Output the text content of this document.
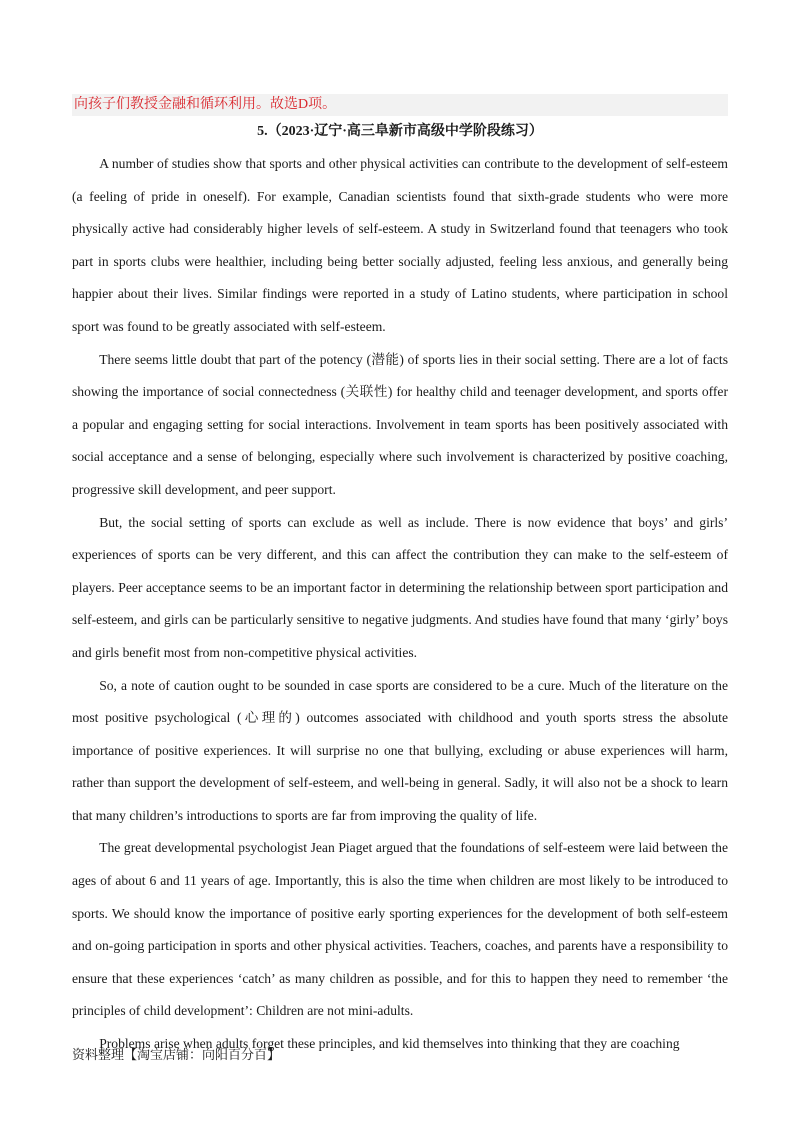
向孩子们教授金融和循环利用。故选D项。
5.（2023·辽宁·高三阜新市高级中学阶段练习）

A number of studies show that sports and other physical activities can contribute to the development of self-esteem (a feeling of pride in oneself). For example, Canadian scientists found that sixth-grade students who were more physically active had considerably higher levels of self-esteem. A study in Switzerland found that teenagers who took part in sports clubs were healthier, including being better socially adjusted, feeling less anxious, and generally being happier about their lives. Similar findings were reported in a study of Latino students, where participation in school sport was found to be greatly associated with self-esteem.

There seems little doubt that part of the potency (潜能) of sports lies in their social setting. There are a lot of facts showing the importance of social connectedness (关联性) for healthy child and teenager development, and sports offer a popular and engaging setting for social interactions. Involvement in team sports has been positively associated with social acceptance and a sense of belonging, especially where such involvement is characterized by positive coaching, progressive skill development, and peer support.

But, the social setting of sports can exclude as well as include. There is now evidence that boys’ and girls’ experiences of sports can be very different, and this can affect the contribution they can make to the self-esteem of players. Peer acceptance seems to be an important factor in determining the relationship between sport participation and self-esteem, and girls can be particularly sensitive to negative judgments. And studies have found that many ‘girly’ boys and girls benefit most from non-competitive physical activities.

So, a note of caution ought to be sounded in case sports are considered to be a cure. Much of the literature on the most positive psychological (心理的) outcomes associated with childhood and youth sports stress the absolute importance of positive experiences. It will surprise no one that bullying, excluding or abuse experiences will harm, rather than support the development of self-esteem, and well-being in general. Sadly, it will also not be a shock to learn that many children’s introductions to sports are far from improving the quality of life.

The great developmental psychologist Jean Piaget argued that the foundations of self-esteem were laid between the ages of about 6 and 11 years of age. Importantly, this is also the time when children are most likely to be introduced to sports. We should know the importance of positive early sporting experiences for the development of both self-esteem and on-going participation in sports and other physical activities. Teachers, coaches, and parents have a responsibility to ensure that these experiences ‘catch’ as many children as possible, and for this to happen they need to remember ‘the principles of child development’: Children are not mini-adults.

Problems arise when adults forget these principles, and kid themselves into thinking that they are coaching

资料整理【淘宝店铺：向阳百分百】
